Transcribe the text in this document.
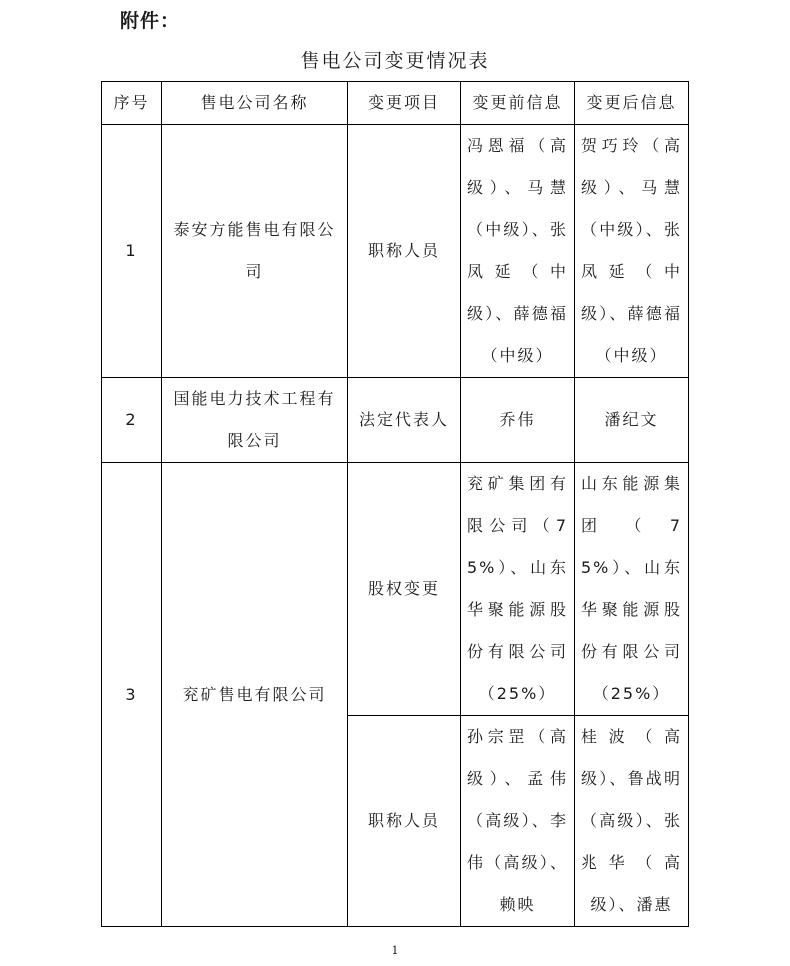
附件：
售电公司变更情况表
序号	售电公司名称	变更项目	变更前信息	变更后信息
1	泰安方能售电有限公司	职称人员	冯恩福（高级）、马慧（中级）、张凤延（中级）、薛德福（中级）	贺巧玲（高级）、马慧（中级）、张凤延（中级）、薛德福（中级）
2	国能电力技术工程有限公司	法定代表人	乔伟	潘纪文
3	兖矿售电有限公司	股权变更	兖矿集团有限公司（75%）、山东华聚能源股份有限公司（25%）	山东能源集团（75%）、山东华聚能源股份有限公司（25%）
		职称人员	孙宗罡（高级）、孟伟（高级）、李伟（高级）、赖映	桂波（高级）、鲁战明（高级）、张兆华（高级）、潘惠
1
